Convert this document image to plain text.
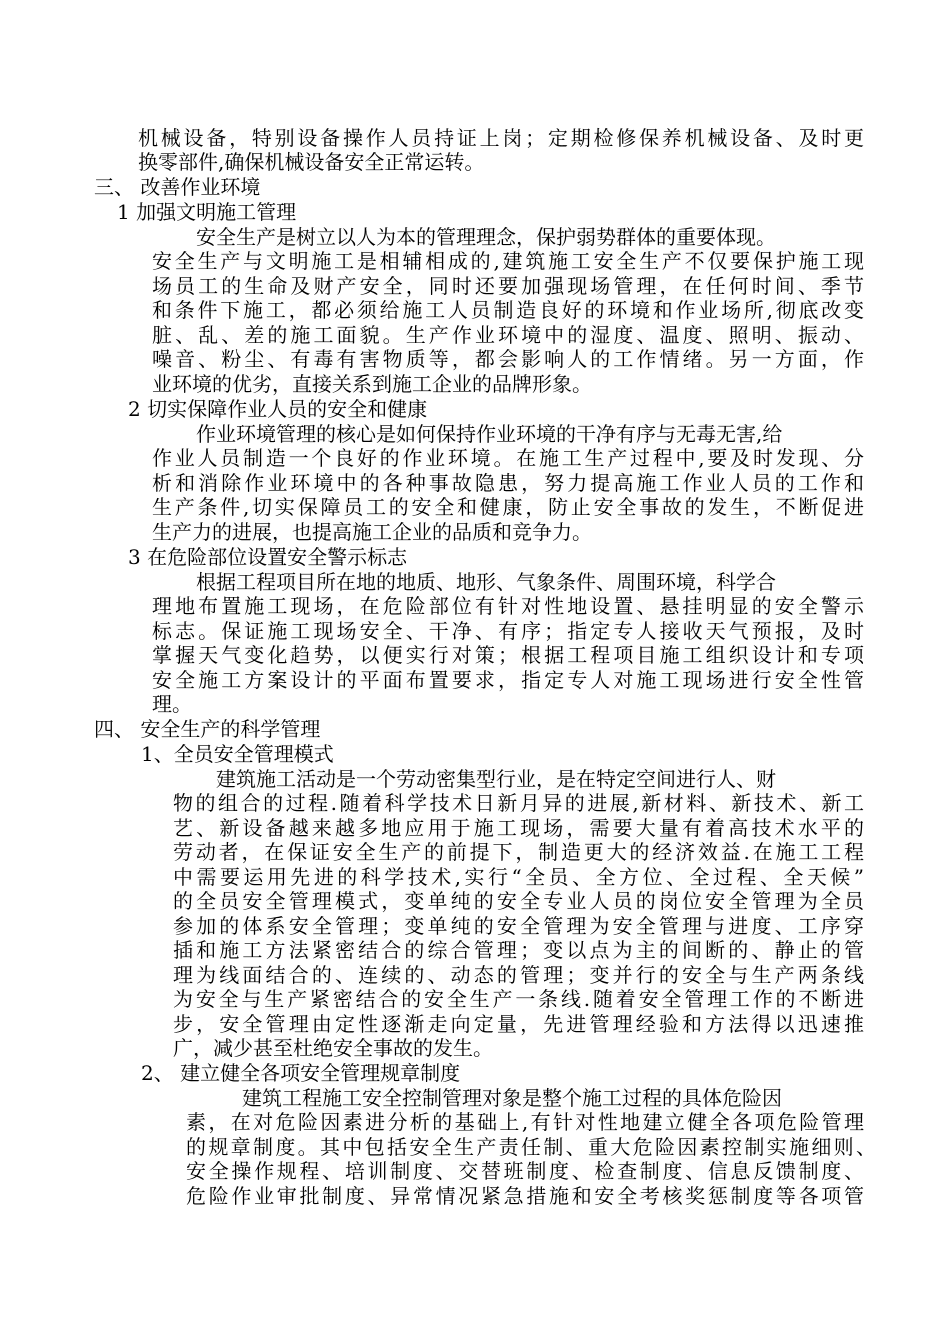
机械设备，特别设备操作人员持证上岗；定期检修保养机械设备、及时更
换零部件,确保机械设备安全正常运转。
三、 改善作业环境
1 加强文明施工管理
安全生产是树立以人为本的管理理念，保护弱势群体的重要体现。
安全生产与文明施工是相辅相成的,建筑施工安全生产不仅要保护施工现
场员工的生命及财产安全，同时还要加强现场管理，在任何时间、季节
和条件下施工，都必须给施工人员制造良好的环境和作业场所,彻底改变
脏、乱、差的施工面貌。生产作业环境中的湿度、温度、照明、振动、
噪音、粉尘、有毒有害物质等，都会影响人的工作情绪。另一方面，作
业环境的优劣，直接关系到施工企业的品牌形象。
2 切实保障作业人员的安全和健康
作业环境管理的核心是如何保持作业环境的干净有序与无毒无害,给
作业人员制造一个良好的作业环境。在施工生产过程中,要及时发现、分
析和消除作业环境中的各种事故隐患，努力提高施工作业人员的工作和
生产条件,切实保障员工的安全和健康，防止安全事故的发生，不断促进
生产力的进展，也提高施工企业的品质和竞争力。
3 在危险部位设置安全警示标志
根据工程项目所在地的地质、地形、气象条件、周围环境，科学合
理地布置施工现场，在危险部位有针对性地设置、悬挂明显的安全警示
标志。保证施工现场安全、干净、有序；指定专人接收天气预报，及时
掌握天气变化趋势，以便实行对策；根据工程项目施工组织设计和专项
安全施工方案设计的平面布置要求，指定专人对施工现场进行安全性管
理。
四、 安全生产的科学管理
1、全员安全管理模式
建筑施工活动是一个劳动密集型行业，是在特定空间进行人、财
物的组合的过程.随着科学技术日新月异的进展,新材料、新技术、新工
艺、新设备越来越多地应用于施工现场，需要大量有着高技术水平的
劳动者，在保证安全生产的前提下，制造更大的经济效益.在施工工程
中需要运用先进的科学技术,实行“全员、全方位、全过程、全天候”
的全员安全管理模式，变单纯的安全专业人员的岗位安全管理为全员
参加的体系安全管理；变单纯的安全管理为安全管理与进度、工序穿
插和施工方法紧密结合的综合管理；变以点为主的间断的、静止的管
理为线面结合的、连续的、动态的管理；变并行的安全与生产两条线
为安全与生产紧密结合的安全生产一条线.随着安全管理工作的不断进
步，安全管理由定性逐渐走向定量，先进管理经验和方法得以迅速推
广，减少甚至杜绝安全事故的发生。
2、 建立健全各项安全管理规章制度
建筑工程施工安全控制管理对象是整个施工过程的具体危险因
素，在对危险因素进分析的基础上,有针对性地建立健全各项危险管理
的规章制度。其中包括安全生产责任制、重大危险因素控制实施细则、
安全操作规程、培训制度、交替班制度、检查制度、信息反馈制度、
危险作业审批制度、异常情况紧急措施和安全考核奖惩制度等各项管
